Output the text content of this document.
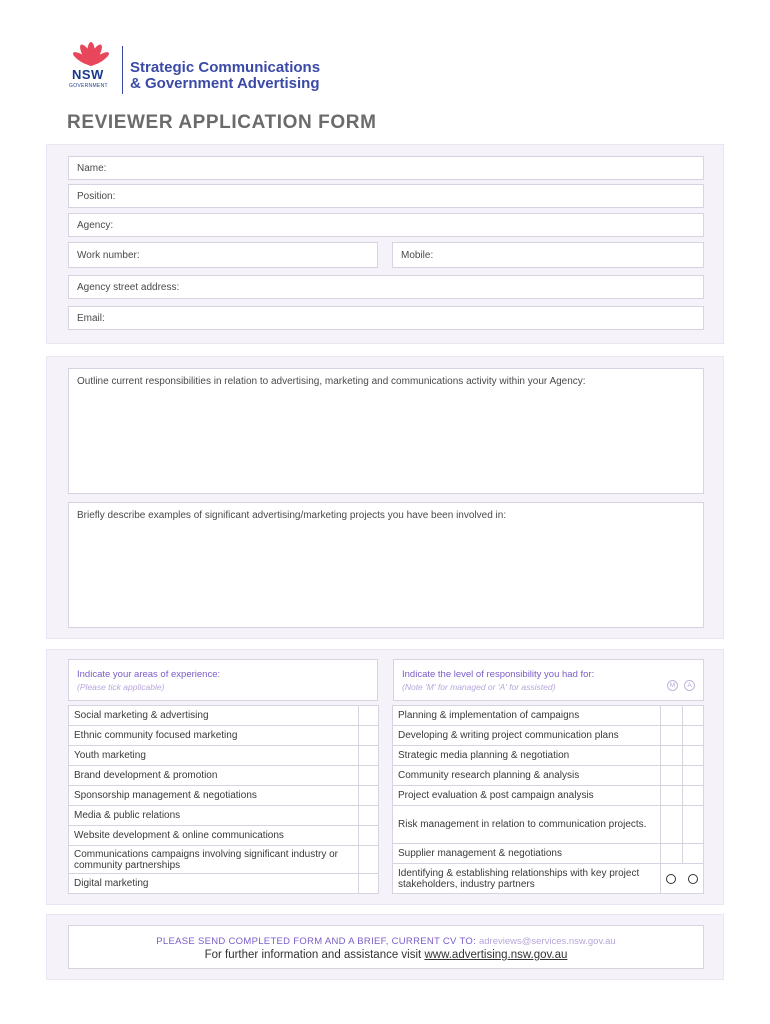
NSW
GOVERNMENT
Strategic Communications
& Government Advertising
REVIEWER APPLICATION FORM
Name:
Position:
Agency:
Work number:	Mobile:
Agency street address:
Email:
Outline current responsibilities in relation to advertising, marketing and communications activity within your Agency:
Briefly describe examples of significant advertising/marketing projects you have been involved in:
Indicate your areas of experience:
(Please tick applicable)
Indicate the level of responsibility you had for:
(Note 'M' for managed or 'A' for assisted)	M	A
Social marketing & advertising	
Ethnic community focused marketing	
Youth marketing	
Brand development & promotion	
Sponsorship management & negotiations	
Media & public relations	
Website development & online communications	
Communications campaigns involving significant industry or community partnerships	
Digital marketing	
Planning & implementation of campaigns		
Developing & writing project communication plans		
Strategic media planning & negotiation		
Community research planning & analysis		
Project evaluation & post campaign analysis		
Risk management in relation to communication projects.		
Supplier management & negotiations		
Identifying & establishing relationships with key project stakeholders, industry partners		
PLEASE SEND COMPLETED FORM AND A BRIEF, CURRENT CV TO: adreviews@services.nsw.gov.au
For further information and assistance visit www.advertising.nsw.gov.au
